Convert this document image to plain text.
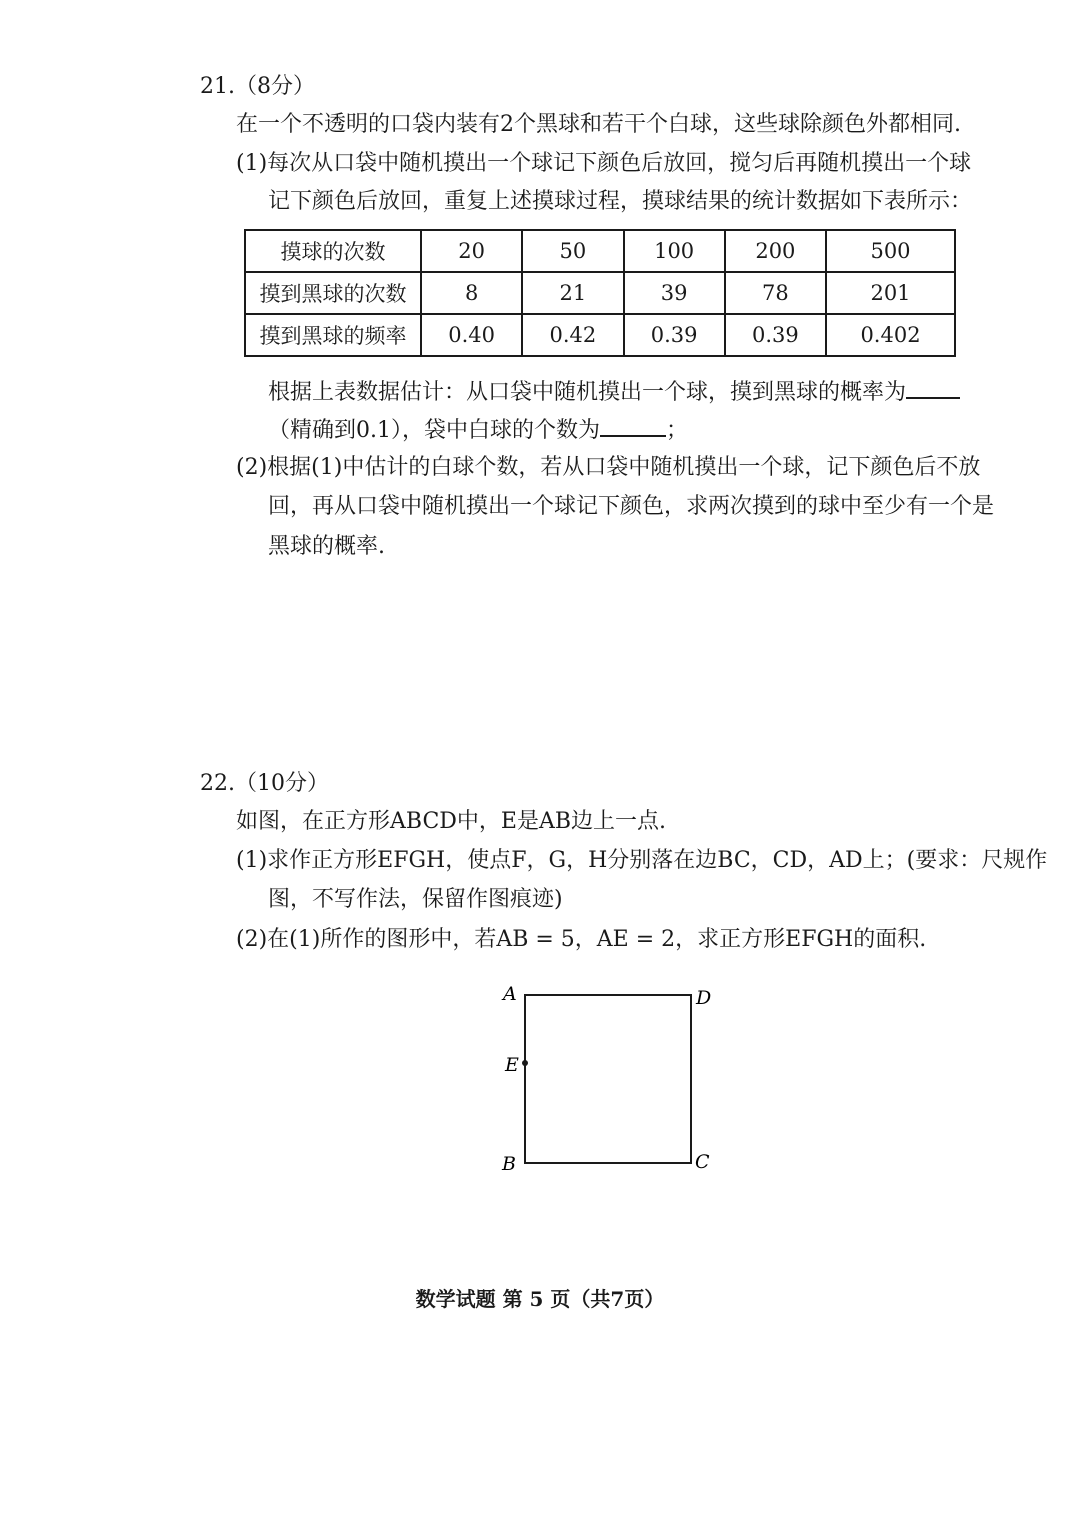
21.（8分）
在一个不透明的口袋内装有2个黑球和若干个白球，这些球除颜色外都相同.
(1)每次从口袋中随机摸出一个球记下颜色后放回，搅匀后再随机摸出一个球
记下颜色后放回，重复上述摸球过程，摸球结果的统计数据如下表所示：
摸球的次数	20	50	100	200	500
摸到黑球的次数	8	21	39	78	201
摸到黑球的频率	0.40	0.42	0.39	0.39	0.402
根据上表数据估计：从口袋中随机摸出一个球，摸到黑球的概率为
（精确到0.1），袋中白球的个数为	；
(2)根据(1)中估计的白球个数，若从口袋中随机摸出一个球，记下颜色后不放
回，再从口袋中随机摸出一个球记下颜色，求两次摸到的球中至少有一个是
黑球的概率.
22.（10分）
如图，在正方形ABCD中，E是AB边上一点.
(1)求作正方形EFGH，使点F，G，H分别落在边BC，CD，AD上；(要求：尺规作
图，不写作法，保留作图痕迹)
(2)在(1)所作的图形中，若AB = 5，AE = 2，求正方形EFGH的面积.
A	D
E
B	C
数学试题 第 5 页（共7页）
